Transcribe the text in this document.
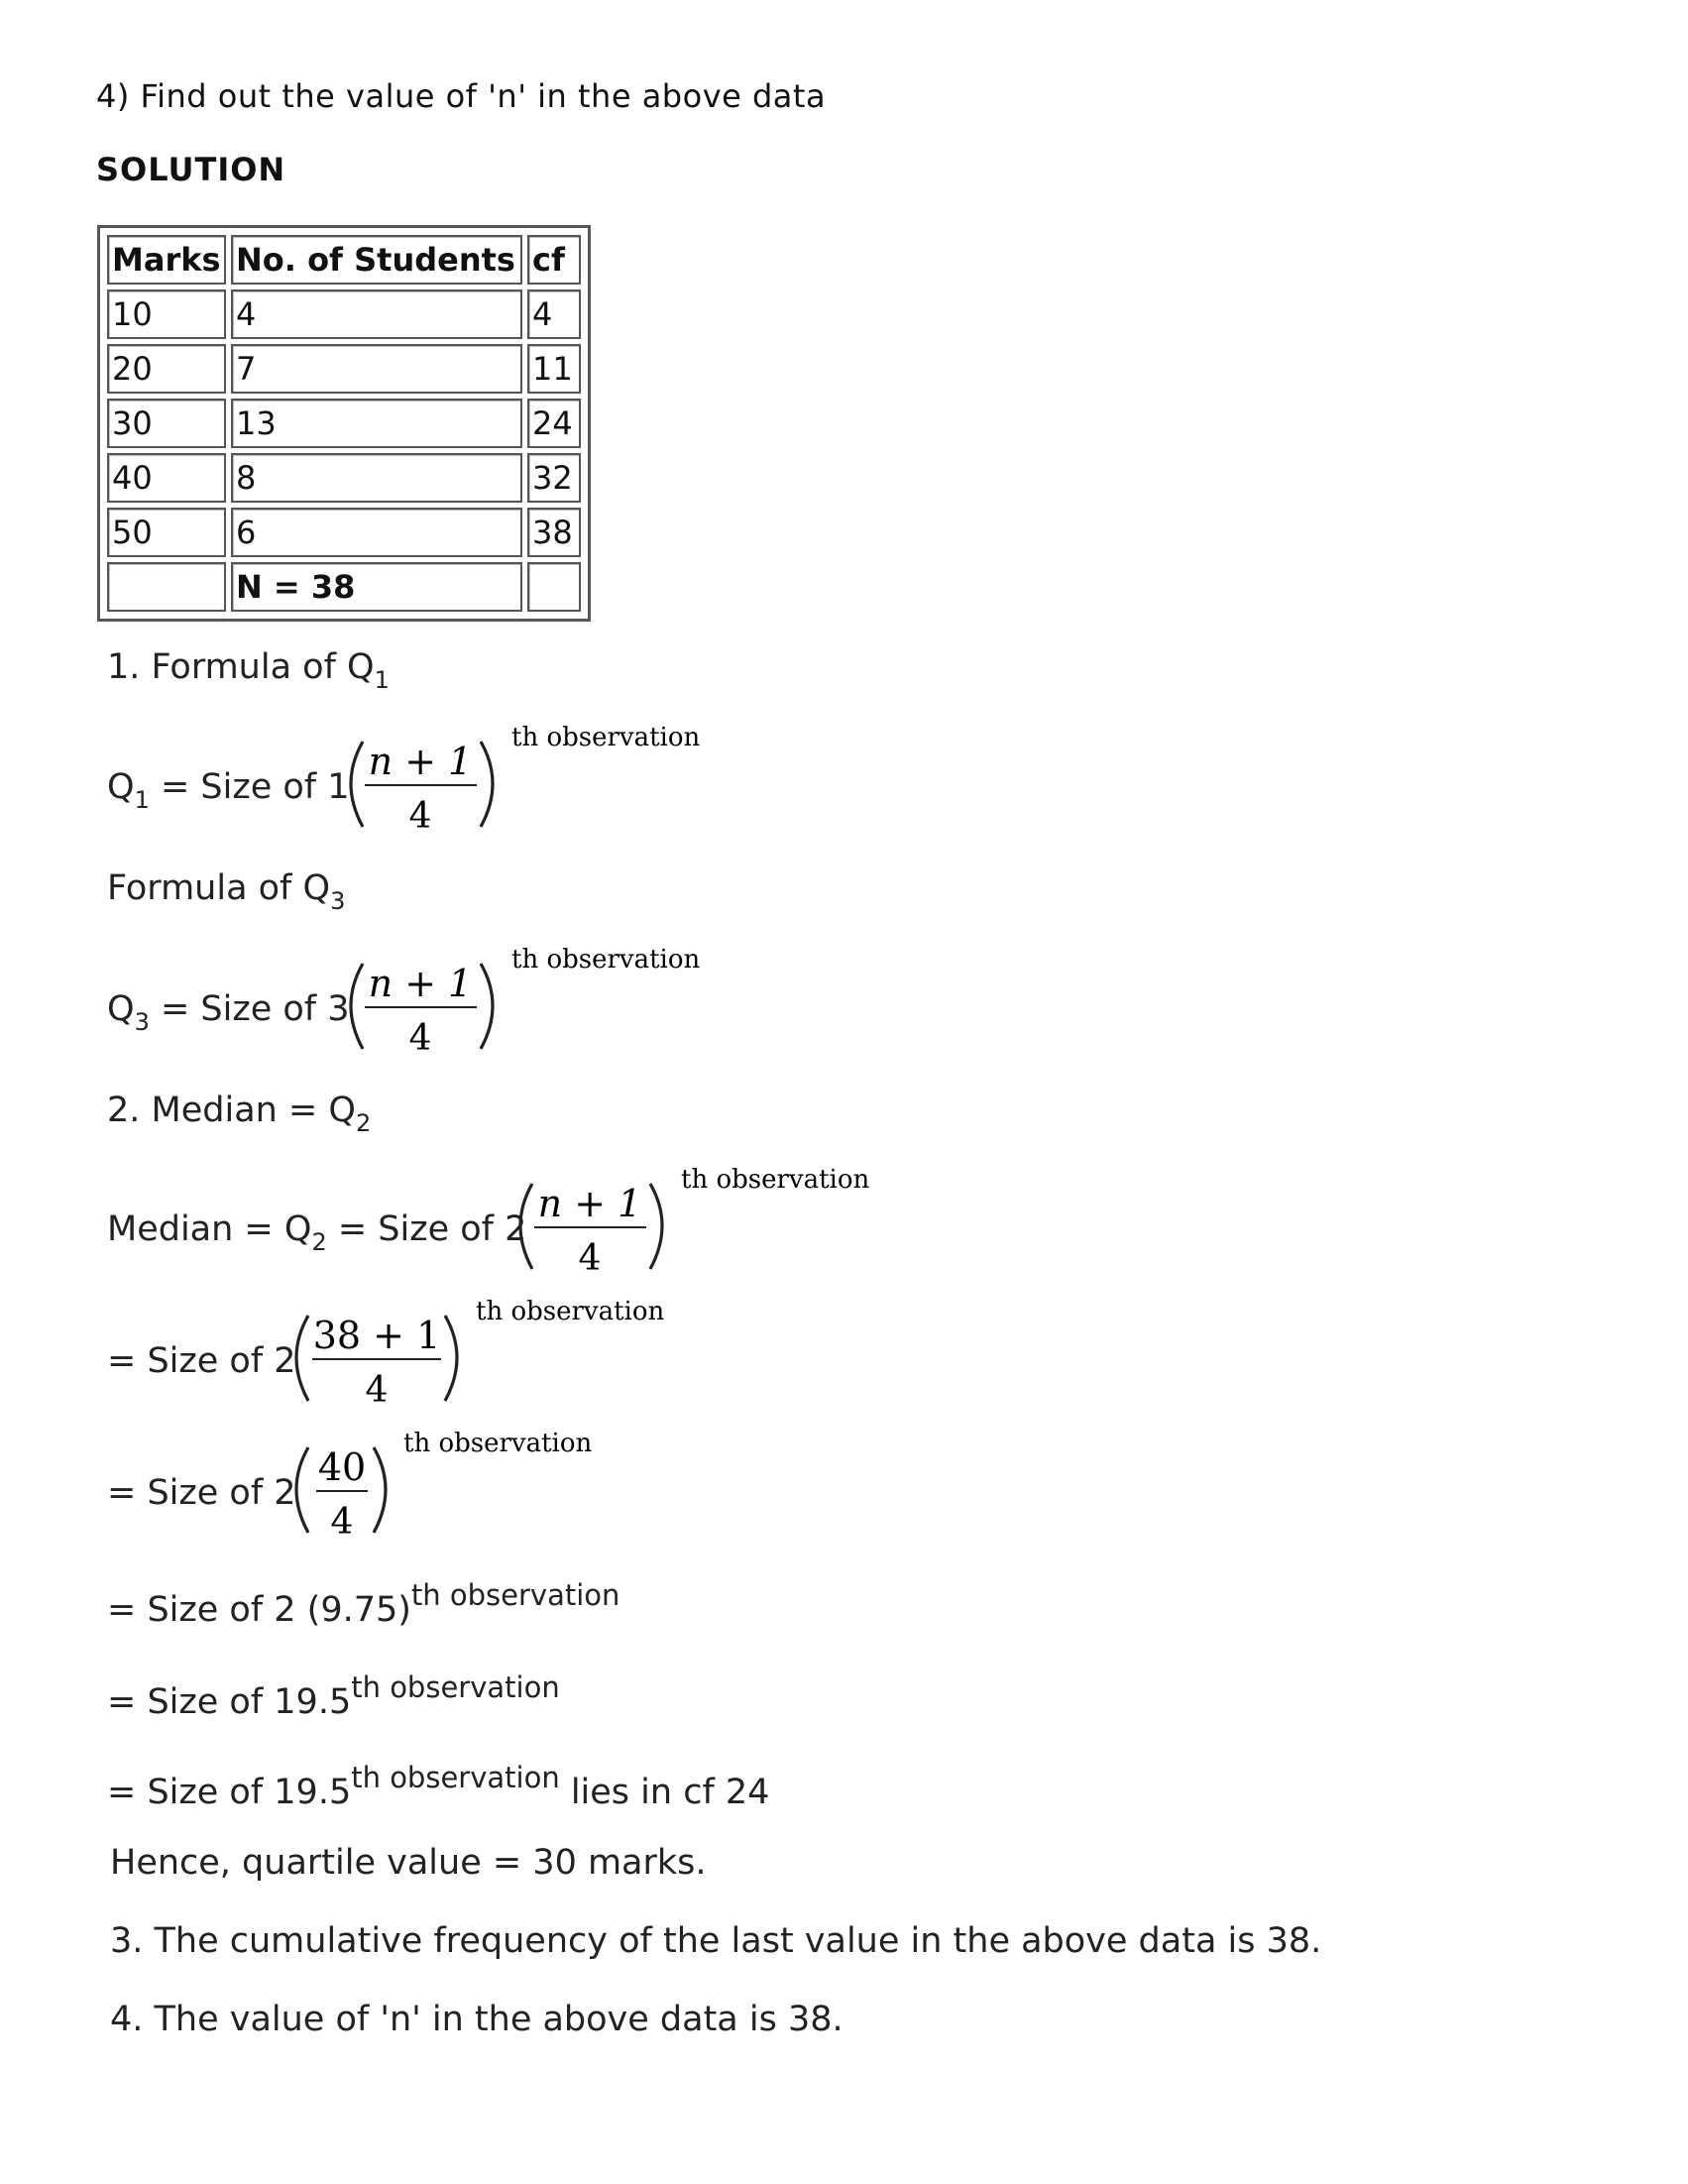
4) Find out the value of 'n' in the above data
SOLUTION
Marks	No. of Students	cf
10	4	4
20	7	11
30	13	24
40	8	32
50	6	38
	N = 38	
1. Formula of $Q_1$
$Q_1$ = Size of 1
n + 1
4
th observation
Formula of $Q_3$
$Q_3$ = Size of 3
n + 1
4
th observation
2. Median = $Q_2$
Median = $Q_2$ = Size of 2
n + 1
4
th observation
= Size of 2
38 + 1
4
th observation
= Size of 2
40
4
th observation
= Size of 2 $(9.75)^{th observation}$
= Size of $19.5^{th observation}$
= Size of $19.5^{th observation}$ lies in cf 24
Hence, quartile value = 30 marks.
3. The cumulative frequency of the last value in the above data is 38.
4. The value of 'n' in the above data is 38.
